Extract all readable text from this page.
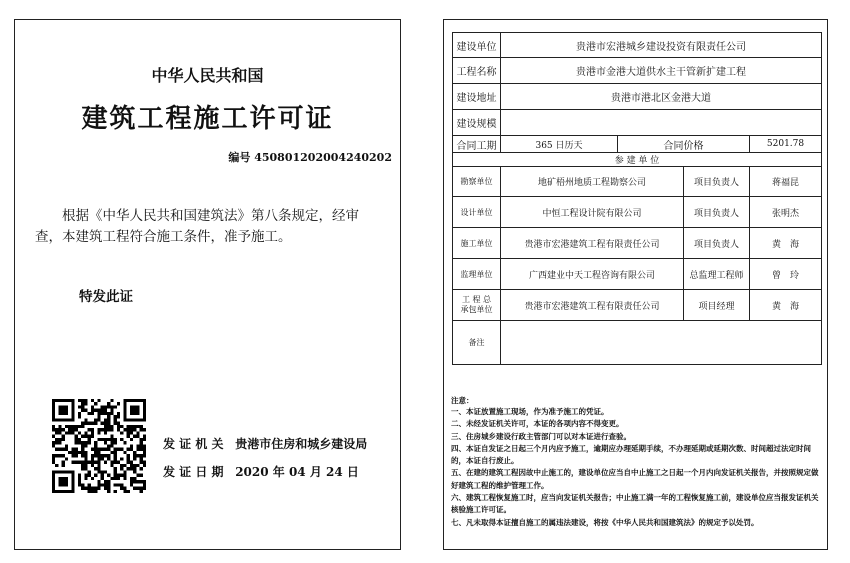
中华人民共和国
建筑工程施工许可证
编号 450801202004240202
根据《中华人民共和国建筑法》第八条规定，经审查，本建筑工程符合施工条件，准予施工。
特发此证
发 证 机 关 贵港市住房和城乡建设局
发 证 日 期 2020 年 04 月 24 日
建设单位	贵港市宏港城乡建设投资有限责任公司			
工程名称	贵港市金港大道供水主干管新扩建工程			
建设地址	贵港市港北区金港大道			
建设规模				
合同工期	365 日历天	合同价格		5201.78
参 建 单 位				
勘察单位	地矿梧州地质工程勘察公司		项目负责人	蒋福昆
设计单位	中恒工程设计院有限公司		项目负责人	张明杰
施工单位	贵港市宏港建筑工程有限责任公司		项目负责人	黄　海
监理单位	广西建业中天工程咨询有限公司		总监理工程师	曾　玲
工 程 总
承包单位	贵港市宏港建筑工程有限责任公司		项目经理	黄　海
备注				
注意：
一、本证放置施工现场，作为准予施工的凭证。
二、未经发证机关许可，本证的各项内容不得变更。
三、住房城乡建设行政主管部门可以对本证进行查验。
四、本证自发证之日起三个月内应予施工，逾期应办理延期手续，不办理延期或延期次数、时间超过法定时间的，本证自行废止。
五、在建的建筑工程因故中止施工的，建设单位应当自中止施工之日起一个月内向发证机关报告，并按照规定做好建筑工程的维护管理工作。
六、建筑工程恢复施工时，应当向发证机关报告；中止施工满一年的工程恢复施工前，建设单位应当报发证机关核验施工许可证。
七、凡未取得本证擅自施工的属违法建设，将按《中华人民共和国建筑法》的规定予以处罚。
